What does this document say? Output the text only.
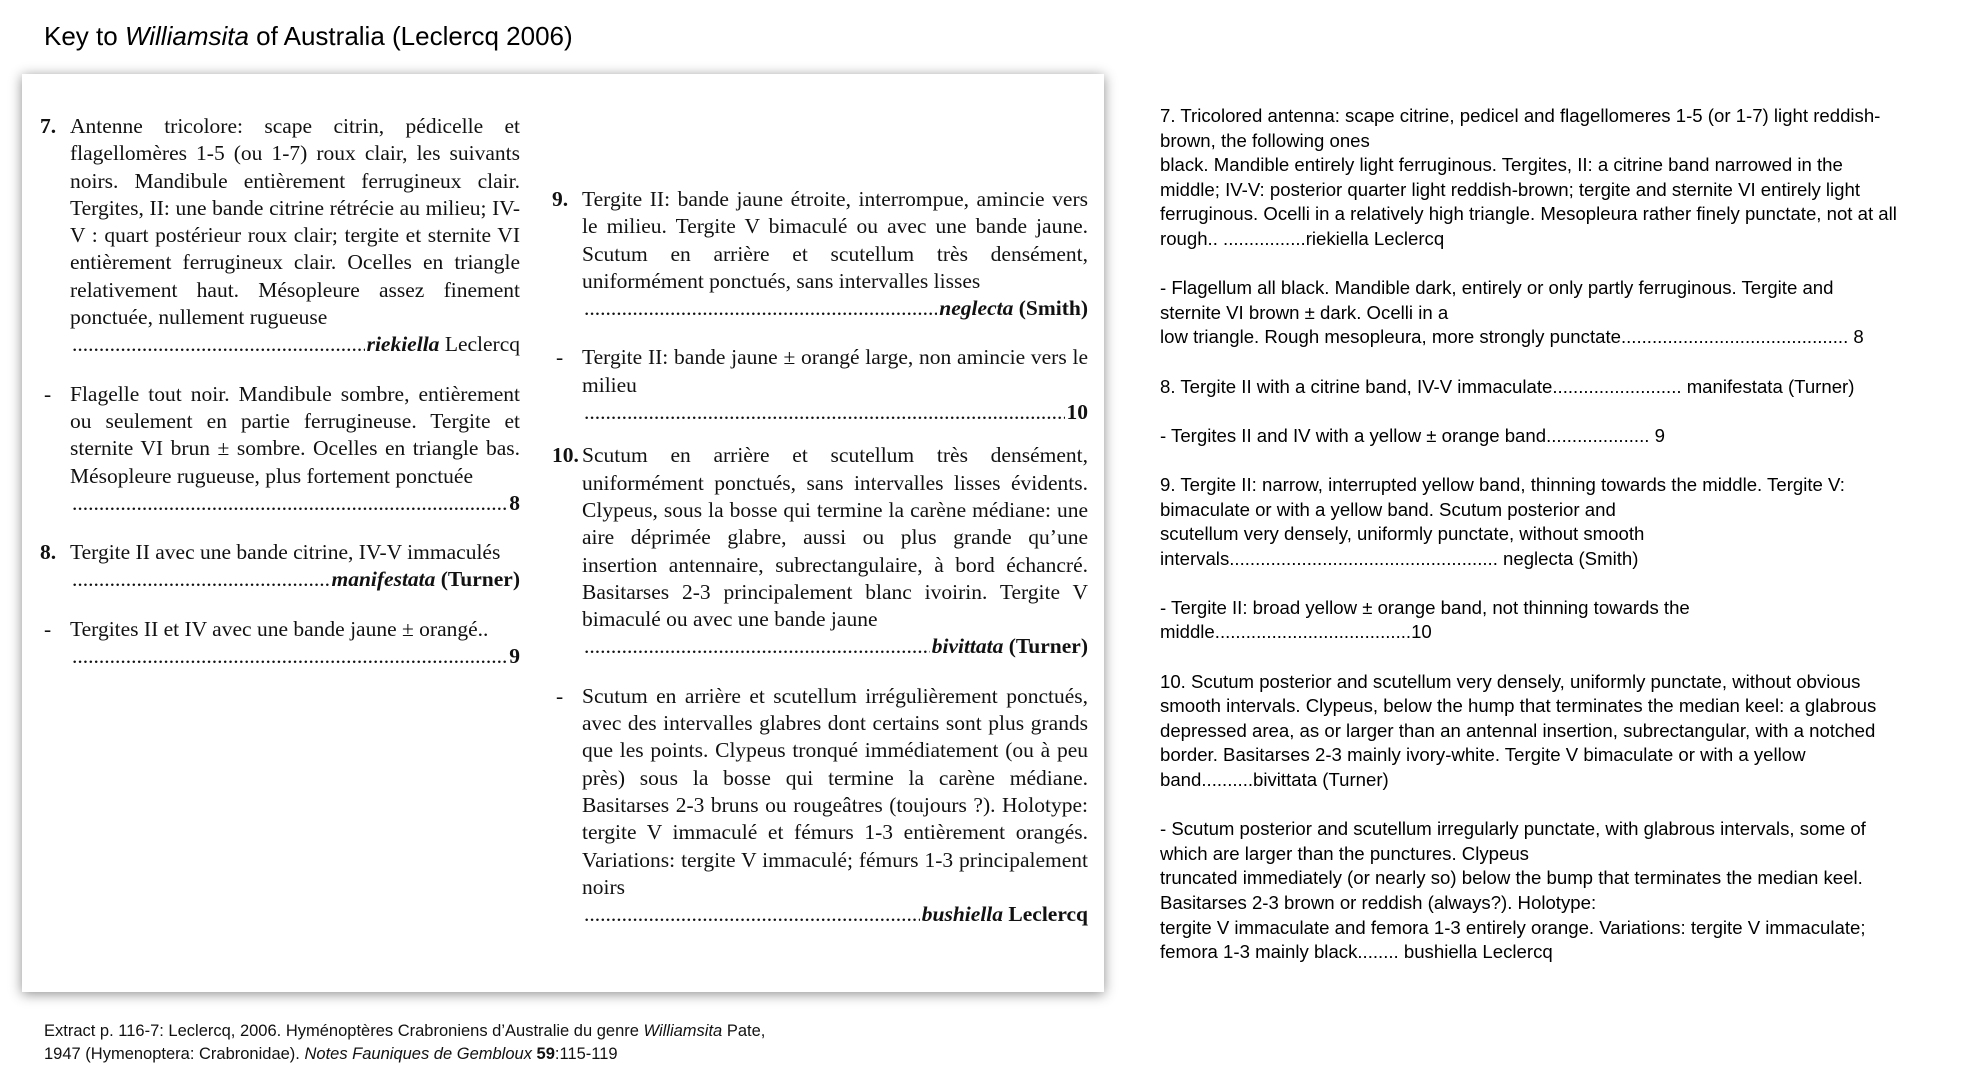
Key to Williamsita of Australia (Leclercq 2006)
7. Antenne tricolore: scape citrin, pédicelle et flagellomères 1-5 (ou 1-7) roux clair, les suivants noirs. Mandibule entièrement ferrugineux clair. Tergites, II: une bande citrine rétrécie au milieu; IV-V : quart postérieur roux clair; tergite et sternite VI entièrement ferrugineux clair. Ocelles en triangle relativement haut. Mésopleure assez finement ponctuée, nullement rugueuse
.....
riekiella Leclercq
- Flagelle tout noir. Mandibule sombre, entièrement ou seulement en partie ferrugineuse. Tergite et sternite VI brun ± sombre. Ocelles en triangle bas. Mésopleure rugueuse, plus fortement ponctuée
.....
8
8. Tergite II avec une bande citrine, IV-V immaculés
.....
manifestata (Turner)
- Tergites II et IV avec une bande jaune ± orangé..
.....
9
9. Tergite II: bande jaune étroite, interrompue, amincie vers le milieu. Tergite V bimaculé ou avec une bande jaune. Scutum en arrière et scutellum très densément, uniformément ponctués, sans intervalles lisses
.....
neglecta (Smith)
- Tergite II: bande jaune ± orangé large, non amincie vers le milieu
.....
10
10. Scutum en arrière et scutellum très densément, uniformément ponctués, sans intervalles lisses évidents. Clypeus, sous la bosse qui termine la carène médiane: une aire déprimée glabre, aussi ou plus grande qu’une insertion antennaire, subrectangulaire, à bord échancré. Basitarses 2-3 principalement blanc ivoirin. Tergite V bimaculé ou avec une bande jaune
.....
bivittata (Turner)
- Scutum en arrière et scutellum irrégulièrement ponctués, avec des intervalles glabres dont certains sont plus grands que les points. Clypeus tronqué immédiatement (ou à peu près) sous la bosse qui termine la carène médiane. Basitarses 2-3 bruns ou rougeâtres (toujours ?). Holotype: tergite V immaculé et fémurs 1-3 entièrement orangés. Variations: tergite V immaculé; fémurs 1-3 principalement noirs
.....
bushiella Leclercq

7. Tricolored antenna: scape citrine, pedicel and flagellomeres 1-5 (or 1-7) light reddish-
brown, the following ones
black. Mandible entirely light ferruginous. Tergites, II: a citrine band narrowed in the
middle; IV-V: posterior quarter light reddish-brown; tergite and sternite VI entirely light
ferruginous. Ocelli in a relatively high triangle. Mesopleura rather finely punctate, not at all
rough.. ................riekiella Leclercq

- Flagellum all black. Mandible dark, entirely or only partly ferruginous. Tergite and
sternite VI brown ± dark. Ocelli in a
low triangle. Rough mesopleura, more strongly punctate............................................ 8

8. Tergite II with a citrine band, IV-V immaculate......................... manifestata (Turner)

- Tergites II and IV with a yellow ± orange band.................... 9

9. Tergite II: narrow, interrupted yellow band, thinning towards the middle. Tergite V:
bimaculate or with a yellow band. Scutum posterior and
scutellum very densely, uniformly punctate, without smooth
intervals.................................................... neglecta (Smith)

- Tergite II: broad yellow ± orange band, not thinning towards the
middle......................................10

10. Scutum posterior and scutellum very densely, uniformly punctate, without obvious
smooth intervals. Clypeus, below the hump that terminates the median keel: a glabrous
depressed area, as or larger than an antennal insertion, subrectangular, with a notched
border. Basitarses 2-3 mainly ivory-white. Tergite V bimaculate or with a yellow
band..........bivittata (Turner)

- Scutum posterior and scutellum irregularly punctate, with glabrous intervals, some of
which are larger than the punctures. Clypeus
truncated immediately (or nearly so) below the bump that terminates the median keel.
Basitarses 2-3 brown or reddish (always?). Holotype:
tergite V immaculate and femora 1-3 entirely orange. Variations: tergite V immaculate;
femora 1-3 mainly black........ bushiella Leclercq

Extract p. 116-7: Leclercq, 2006. Hyménoptères Crabroniens d’Australie du genre Williamsita Pate,
1947 (Hymenoptera: Crabronidae). Notes Fauniques de Gembloux 59:115-119
